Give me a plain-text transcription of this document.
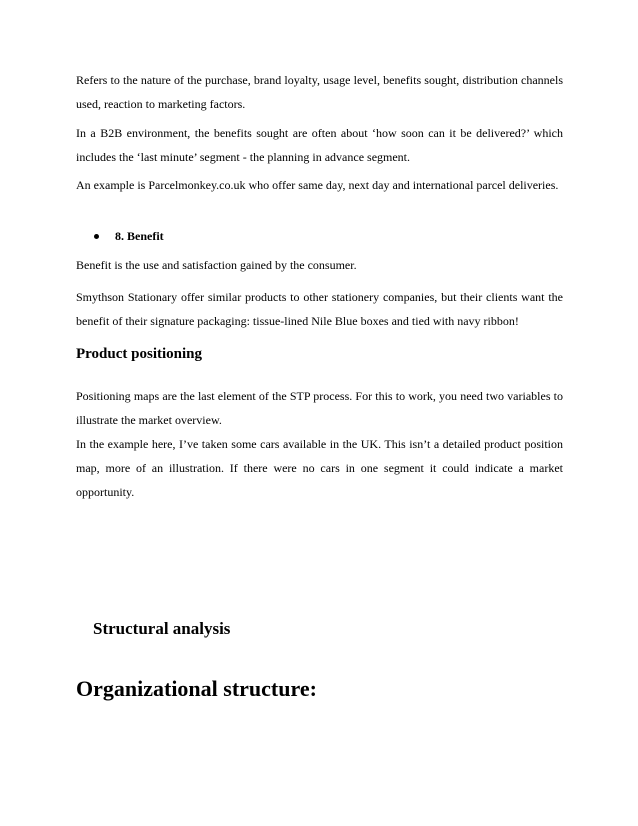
Refers to the nature of the purchase, brand loyalty, usage level, benefits sought, distribution channels used, reaction to marketing factors.

In a B2B environment, the benefits sought are often about ‘how soon can it be delivered?’ which includes the ‘last minute’ segment - the planning in advance segment.

An example is Parcelmonkey.co.uk who offer same day, next day and international parcel deliveries.

8. Benefit

Benefit is the use and satisfaction gained by the consumer.

Smythson Stationary offer similar products to other stationery companies, but their clients want the benefit of their signature packaging: tissue-lined Nile Blue boxes and tied with navy ribbon!

Product positioning

Positioning maps are the last element of the STP process. For this to work, you need two variables to illustrate the market overview.

In the example here, I’ve taken some cars available in the UK. This isn’t a detailed product position map, more of an illustration. If there were no cars in one segment it could indicate a market opportunity.

Structural analysis
Organizational structure:
